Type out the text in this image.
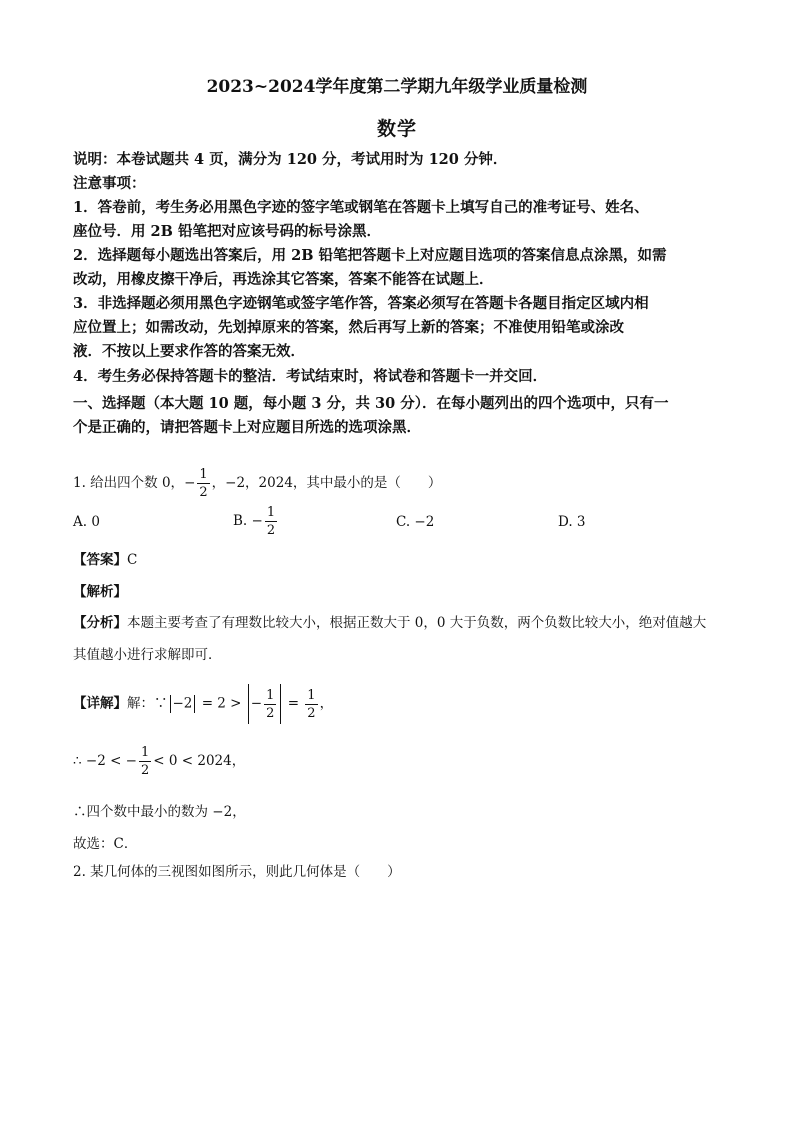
2023~2024学年度第二学期九年级学业质量检测
数学
说明：本卷试题共 4 页，满分为 120 分，考试用时为 120 分钟．
注意事项：
1．答卷前，考生务必用黑色字迹的签字笔或钢笔在答题卡上填写自己的准考证号、姓名、
座位号．用 2B 铅笔把对应该号码的标号涂黑．
2．选择题每小题选出答案后，用 2B 铅笔把答题卡上对应题目选项的答案信息点涂黑，如需
改动，用橡皮擦干净后，再选涂其它答案，答案不能答在试题上．
3．非选择题必须用黑色字迹钢笔或签字笔作答，答案必须写在答题卡各题目指定区域内相
应位置上；如需改动，先划掉原来的答案，然后再写上新的答案；不准使用铅笔或涂改
液．不按以上要求作答的答案无效．
4．考生务必保持答题卡的整洁．考试结束时，将试卷和答题卡一并交回．
一、选择题（本大题 10 题，每小题 3 分，共 30 分）．在每小题列出的四个选项中，只有一
个是正确的，请把答题卡上对应题目所选的选项涂黑．
1. 给出四个数 0，− $\frac{1}{2}$ ，−2，2024，其中最小的是（　　）
A. 0	B. − $\frac{1}{2}$	C. −2	D. 3
【答案】C
【解析】
【分析】本题主要考查了有理数比较大小，根据正数大于 0，0 大于负数，两个负数比较大小，绝对值越大
其值越小进行求解即可．
【详解】解：∵ −2 = 2 > − $\frac{1}{2} = \frac{1}{2}$ ，
∴ −2 < − $\frac{1}{2} < 0 < 2024$，
∴四个数中最小的数为 −2，
故选：C．
2. 某几何体的三视图如图所示，则此几何体是（　　）
